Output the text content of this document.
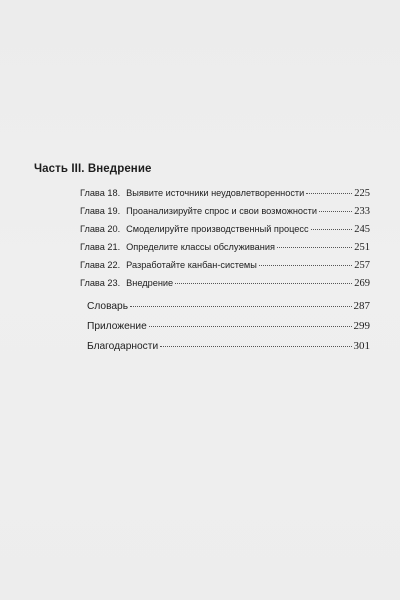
Часть III. Внедрение
Глава 18. Выявите источники неудовлетворенности	225
Глава 19. Проанализируйте спрос и свои возможности	233
Глава 20. Смоделируйте производственный процесс	245
Глава 21. Определите классы обслуживания	251
Глава 22. Разработайте канбан-системы	257
Глава 23. Внедрение	269
Словарь	287
Приложение	299
Благодарности	301
